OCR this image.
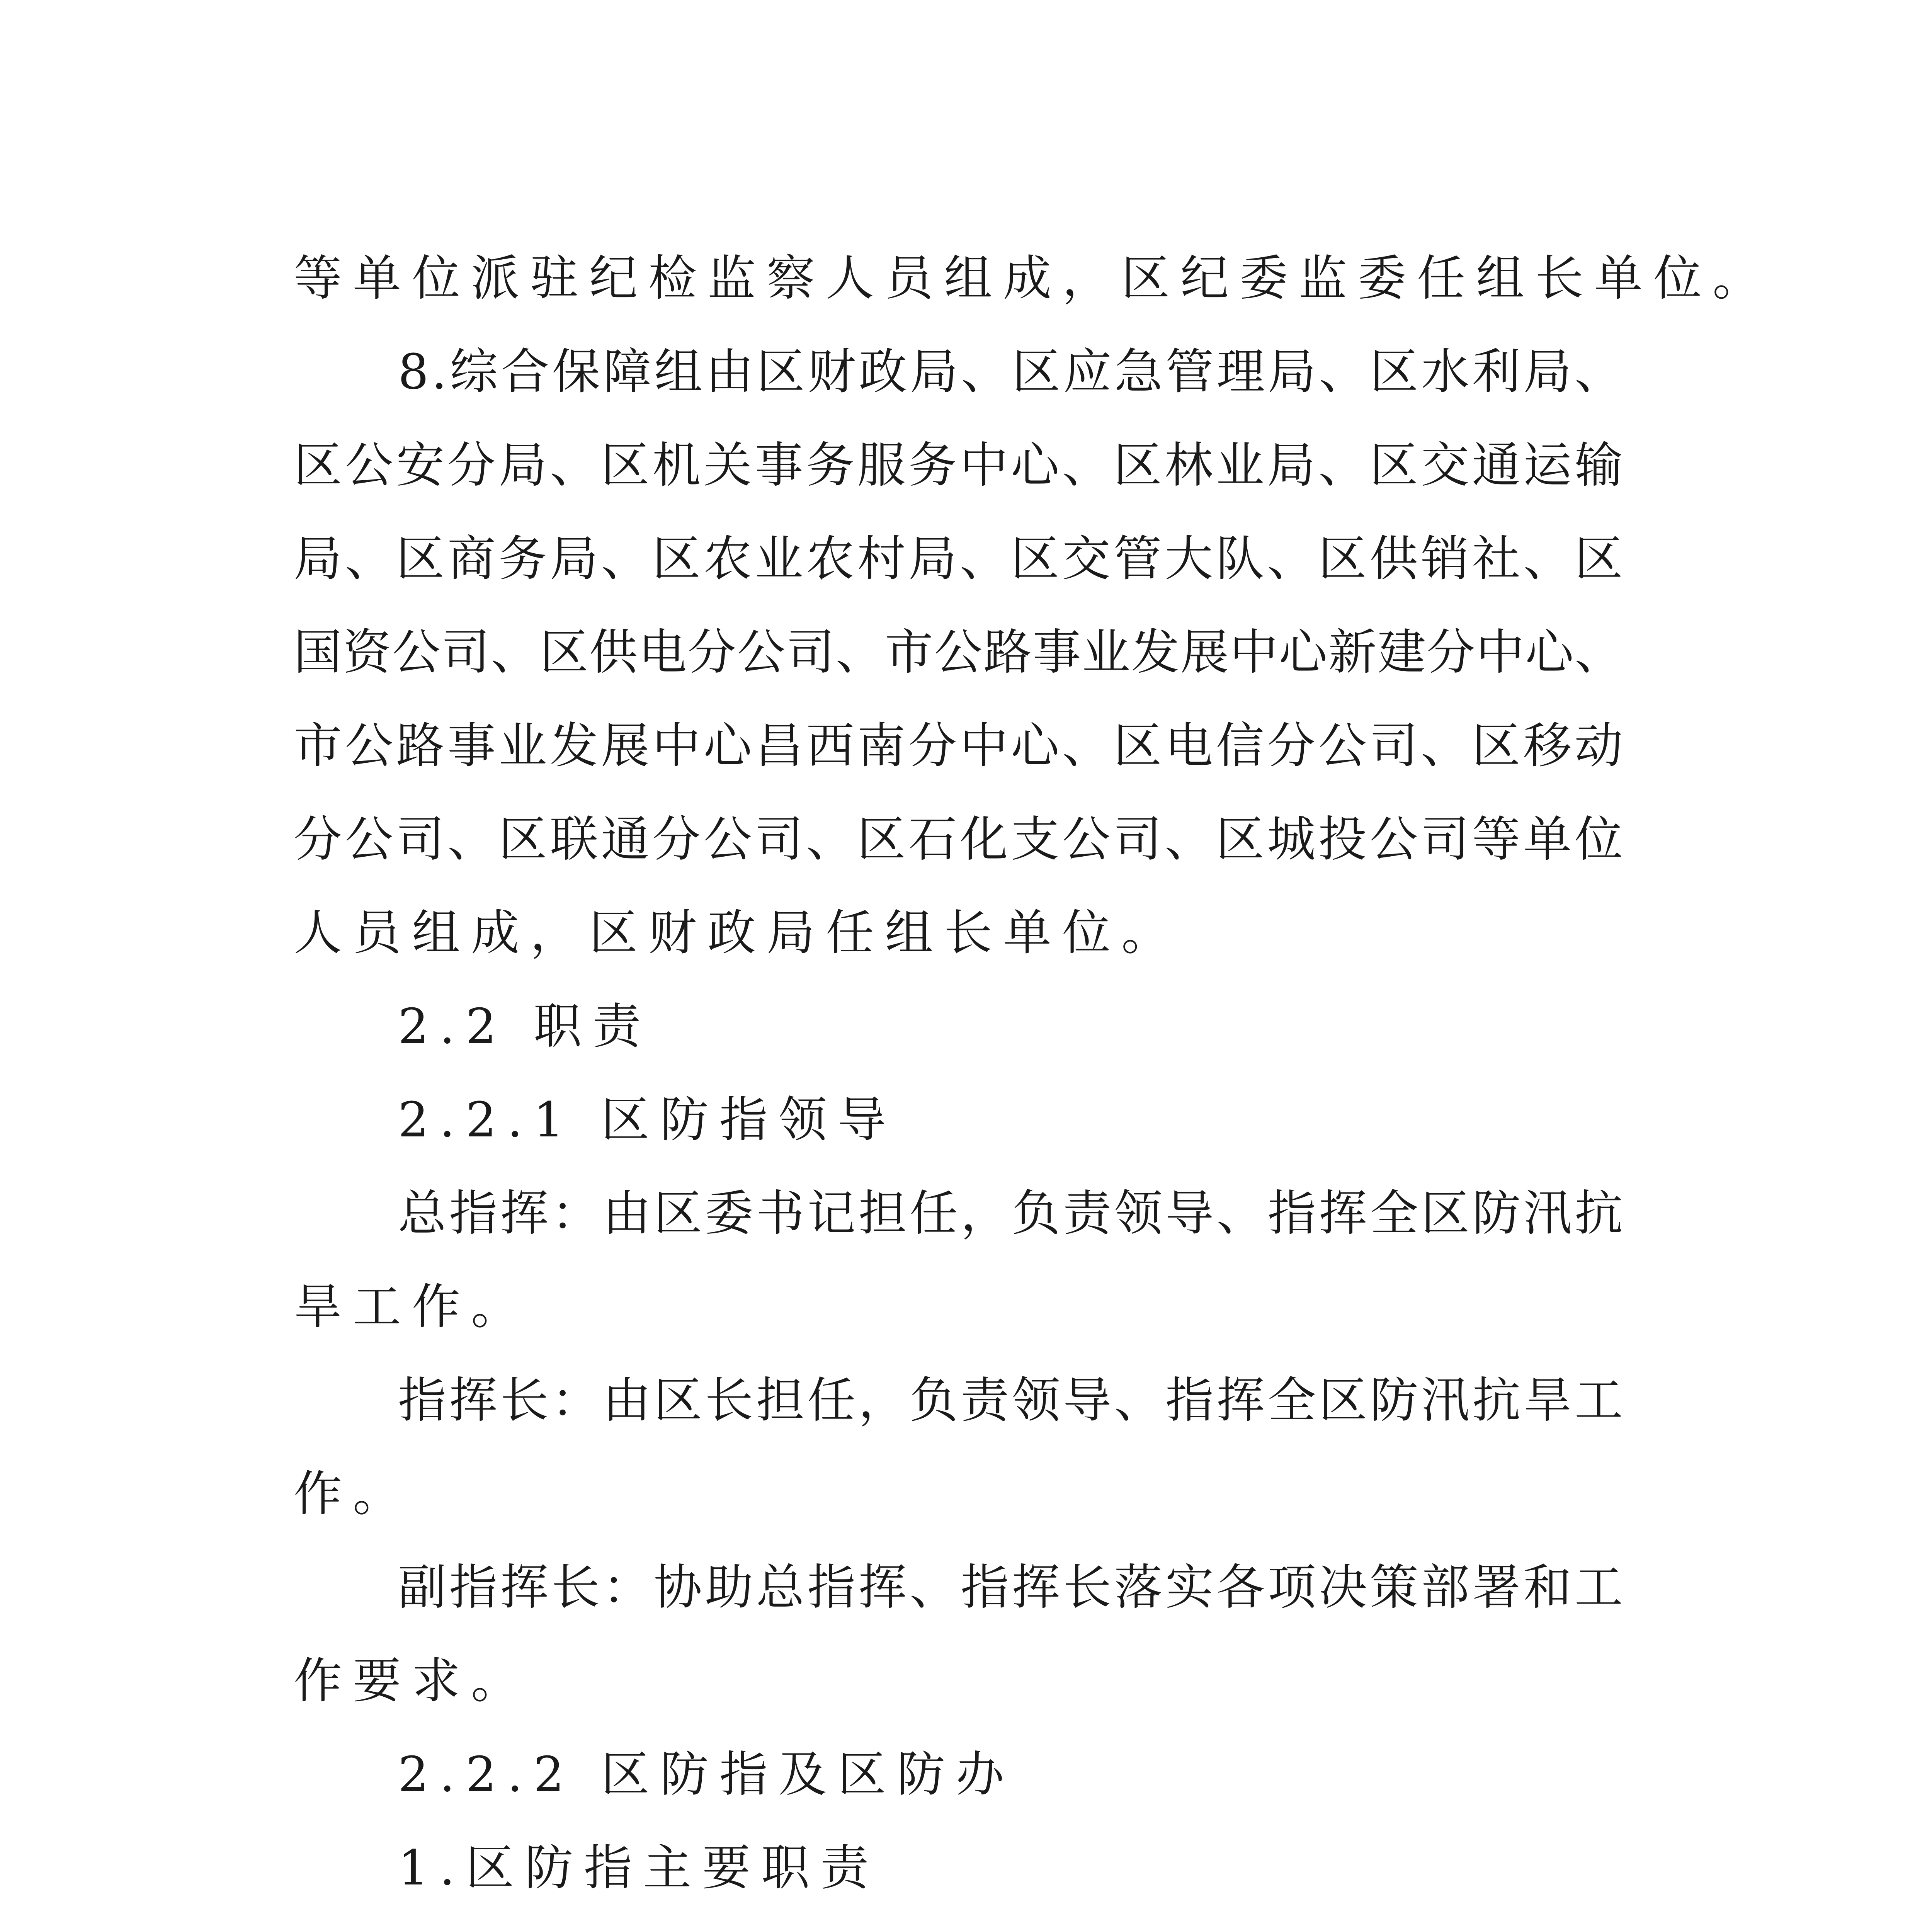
等单位派驻纪检监察人员组成，区纪委监委任组长单位。
8 . 综 合 保 障 组 由 区 财 政 局 、 区 应 急 管 理 局 、 区 水 利 局 、
区 公 安 分 局 、 区 机 关 事 务 服 务 中 心 、 区 林 业 局 、 区 交 通 运 输
局 、 区 商 务 局 、 区 农 业 农 村 局 、 区 交 管 大 队 、 区 供 销 社 、 区
国 资 公 司 、 区 供 电 分 公 司 、 市 公 路 事 业 发 展 中 心 新 建 分 中 心 、
市 公 路 事 业 发 展 中 心 昌 西 南 分 中 心 、 区 电 信 分 公 司 、 区 移 动
分 公 司 、 区 联 通 分 公 司 、 区 石 化 支 公 司 、 区 城 投 公 司 等 单 位
人员组成，区财政局任组长单位。
2.2 职责
2.2.1 区防指领导
总 指 挥 ： 由 区 委 书 记 担 任 ， 负 责 领 导 、 指 挥 全 区 防 汛 抗
旱工作。
指 挥 长 ： 由 区 长 担 任 ， 负 责 领 导 、 指 挥 全 区 防 汛 抗 旱 工
作。
副 指 挥 长 ： 协 助 总 指 挥 、 指 挥 长 落 实 各 项 决 策 部 署 和 工
作要求。
2.2.2 区防指及区防办
1.区防指主要职责
